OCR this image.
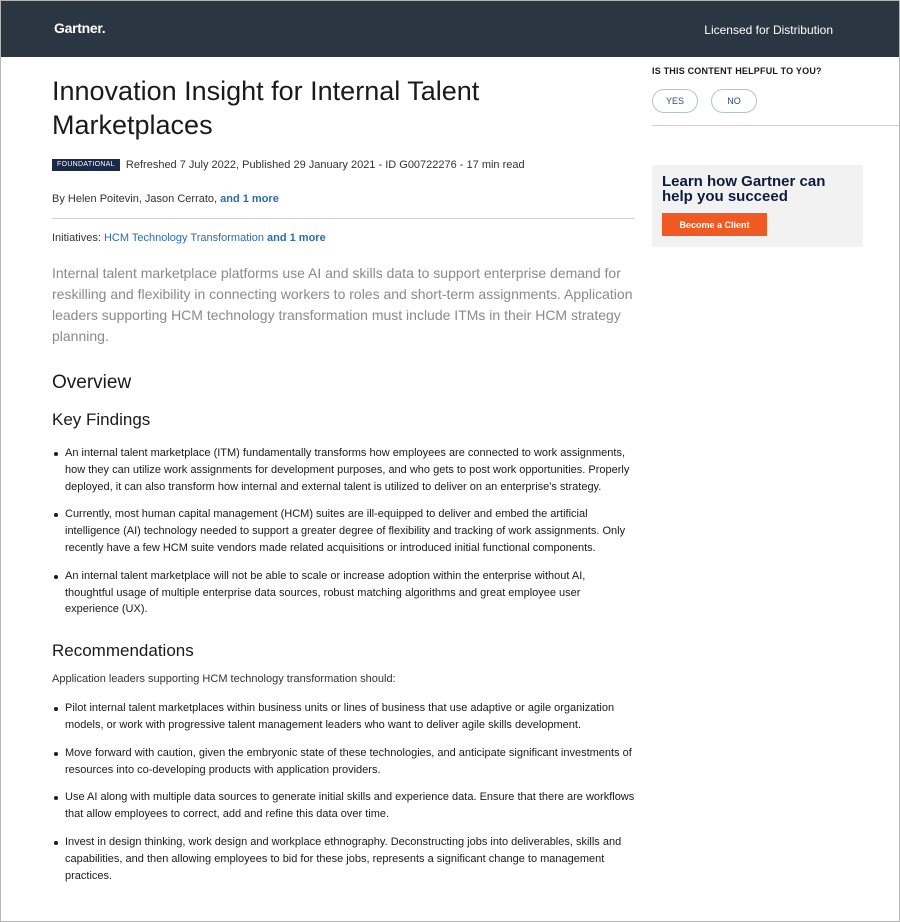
Gartner.	Licensed for Distribution
Innovation Insight for Internal Talent Marketplaces
FOUNDATIONAL	Refreshed 7 July 2022, Published 29 January 2021 - ID G00722276 - 17 min read
By Helen Poitevin, Jason Cerrato, and 1 more
Initiatives: HCM Technology Transformation and 1 more

Internal talent marketplace platforms use AI and skills data to support enterprise demand for reskilling and flexibility in connecting workers to roles and short-term assignments. Application leaders supporting HCM technology transformation must include ITMs in their HCM strategy planning.

Overview
Key Findings
An internal talent marketplace (ITM) fundamentally transforms how employees are connected to work assignments, how they can utilize work assignments for development purposes, and who gets to post work opportunities. Properly deployed, it can also transform how internal and external talent is utilized to deliver on an enterprise's strategy.
Currently, most human capital management (HCM) suites are ill-equipped to deliver and embed the artificial intelligence (AI) technology needed to support a greater degree of flexibility and tracking of work assignments. Only recently have a few HCM suite vendors made related acquisitions or introduced initial functional components.
An internal talent marketplace will not be able to scale or increase adoption within the enterprise without AI, thoughtful usage of multiple enterprise data sources, robust matching algorithms and great employee user experience (UX).
Recommendations

Application leaders supporting HCM technology transformation should:

Pilot internal talent marketplaces within business units or lines of business that use adaptive or agile organization models, or work with progressive talent management leaders who want to deliver agile skills development.
Move forward with caution, given the embryonic state of these technologies, and anticipate significant investments of resources into co-developing products with application providers.
Use AI along with multiple data sources to generate initial skills and experience data. Ensure that there are workflows that allow employees to correct, add and refine this data over time.
Invest in design thinking, work design and workplace ethnography. Deconstructing jobs into deliverables, skills and capabilities, and then allowing employees to bid for these jobs, represents a significant change to management practices.
IS THIS CONTENT HELPFUL TO YOU?
YES	NO
Learn how Gartner can help you succeed
Become a Client
